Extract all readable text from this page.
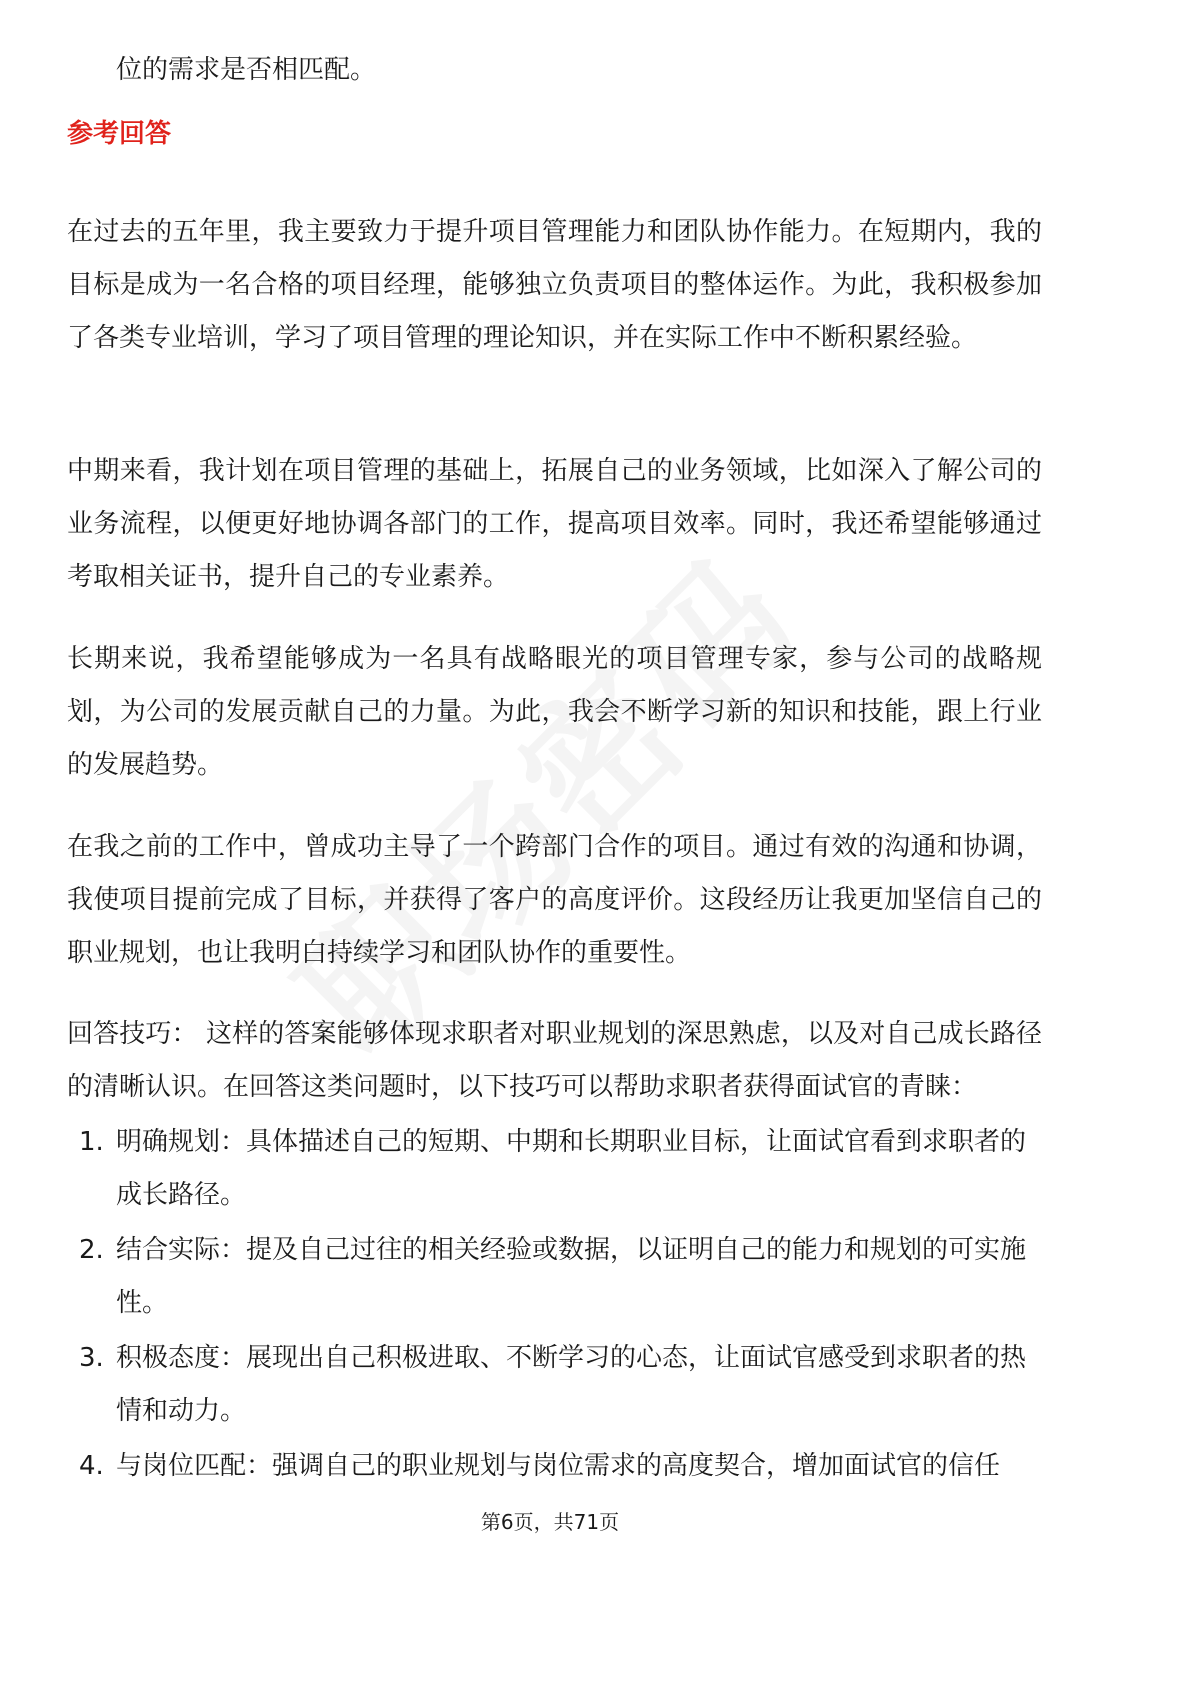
位的需求是否相匹配。

参考回答

在过去的五年里，我主要致力于提升项目管理能力和团队协作能力。在短期内，我的目标是成为一名合格的项目经理，能够独立负责项目的整体运作。为此，我积极参加了各类专业培训，学习了项目管理的理论知识，并在实际工作中不断积累经验。

中期来看，我计划在项目管理的基础上，拓展自己的业务领域，比如深入了解公司的业务流程，以便更好地协调各部门的工作，提高项目效率。同时，我还希望能够通过考取相关证书，提升自己的专业素养。

长期来说，我希望能够成为一名具有战略眼光的项目管理专家，参与公司的战略规划，为公司的发展贡献自己的力量。为此，我会不断学习新的知识和技能，跟上行业的发展趋势。

在我之前的工作中，曾成功主导了一个跨部门合作的项目。通过有效的沟通和协调，我使项目提前完成了目标，并获得了客户的高度评价。这段经历让我更加坚信自己的职业规划，也让我明白持续学习和团队协作的重要性。

回答技巧： 这样的答案能够体现求职者对职业规划的深思熟虑，以及对自己成长路径的清晰认识。在回答这类问题时，以下技巧可以帮助求职者获得面试官的青睐：

1. 明确规划：具体描述自己的短期、中期和长期职业目标，让面试官看到求职者的成长路径。
2. 结合实际：提及自己过往的相关经验或数据，以证明自己的能力和规划的可实施性。
3. 积极态度：展现出自己积极进取、不断学习的心态，让面试官感受到求职者的热情和动力。
4. 与岗位匹配：强调自己的职业规划与岗位需求的高度契合，增加面试官的信任
第6页，共71页
